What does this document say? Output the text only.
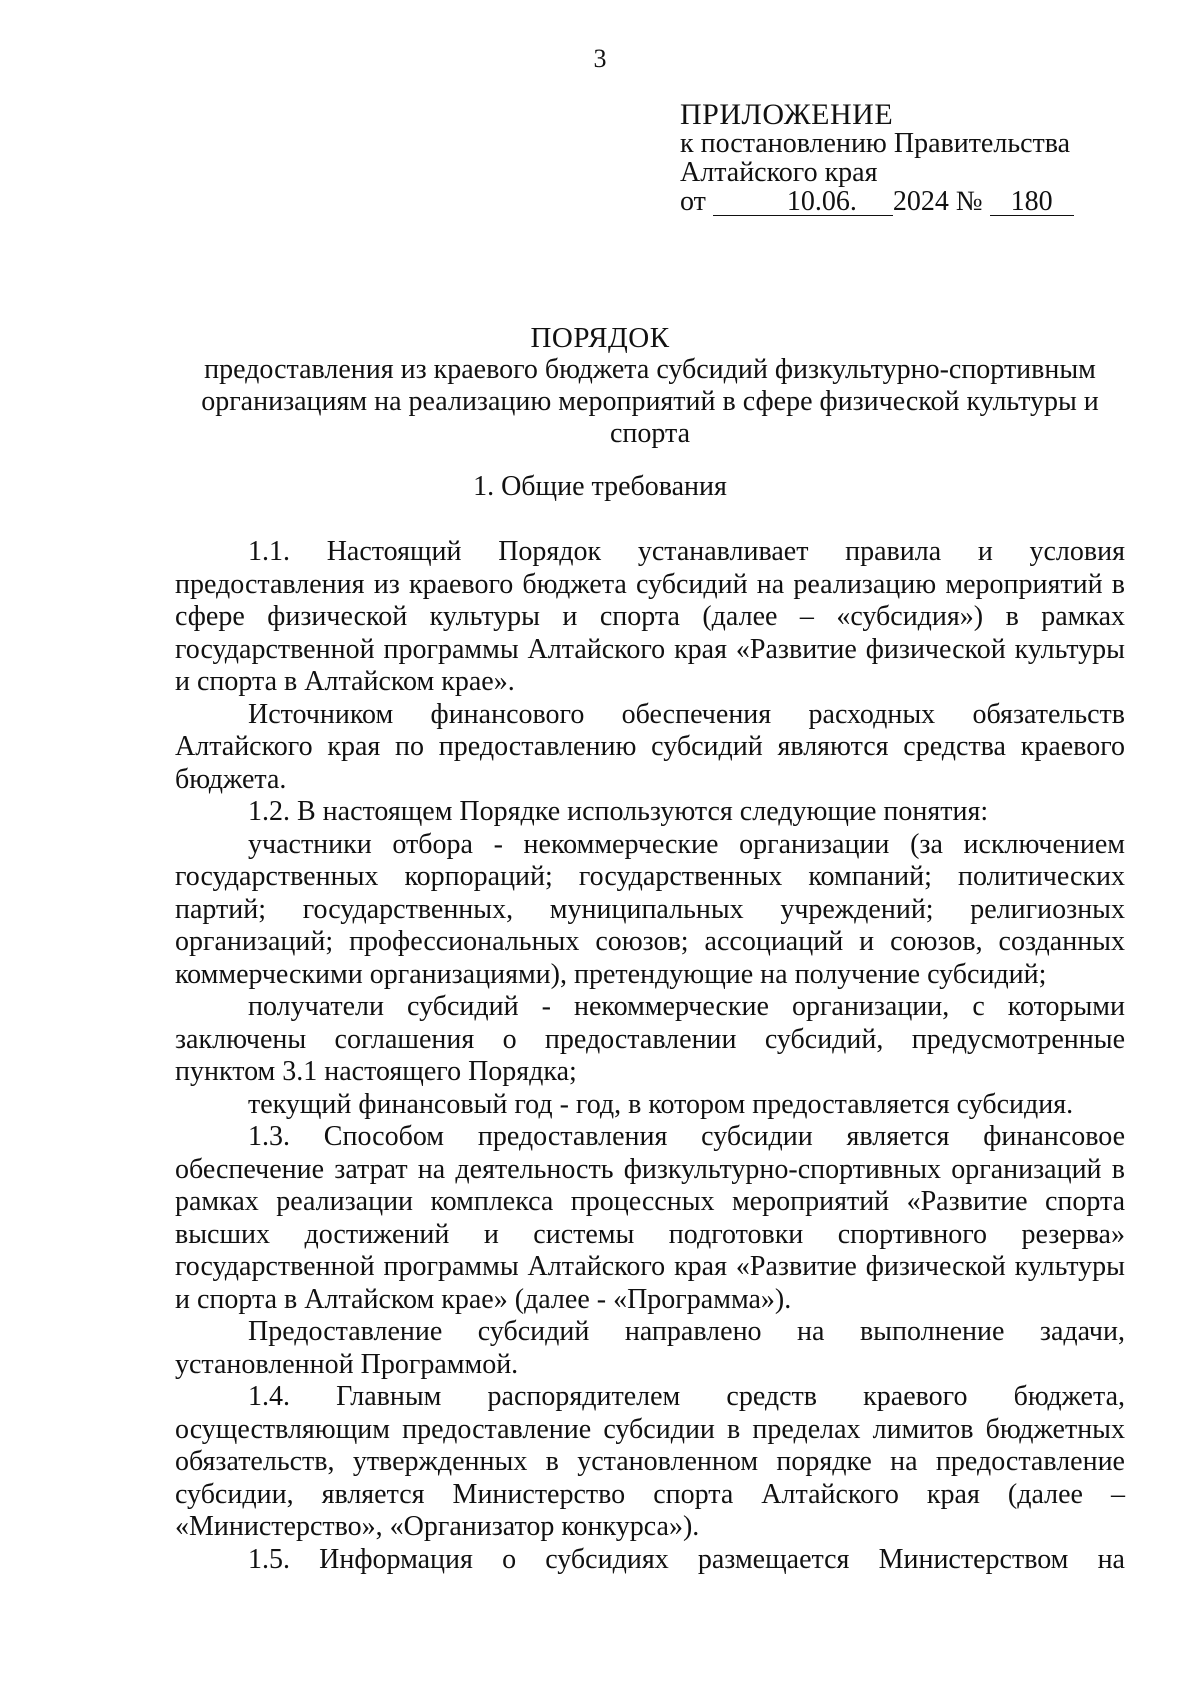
3
ПРИЛОЖЕНИЕ
к постановлению Правительства
Алтайского края
от	10.06. 2024 № 180
ПОРЯДОК
предоставления из краевого бюджета субсидий физкультурно-спортивным организациям на реализацию мероприятий в сфере физической культуры и спорта
1. Общие требования

1.1. Настоящий Порядок устанавливает правила и условия предоставления из краевого бюджета субсидий на реализацию мероприятий в сфере физической культуры и спорта (далее – «субсидия») в рамках государственной программы Алтайского края «Развитие физической культуры и спорта в Алтайском крае».

Источником финансового обеспечения расходных обязательств Алтайского края по предоставлению субсидий являются средства краевого бюджета.

1.2. В настоящем Порядке используются следующие понятия:

участники отбора - некоммерческие организации (за исключением государственных корпораций; государственных компаний; политических партий; государственных, муниципальных учреждений; религиозных организаций; профессиональных союзов; ассоциаций и союзов, созданных коммерческими организациями), претендующие на получение субсидий;

получатели субсидий - некоммерческие организации, с которыми заключены соглашения о предоставлении субсидий, предусмотренные пунктом 3.1 настоящего Порядка;

текущий финансовый год - год, в котором предоставляется субсидия.

1.3. Способом предоставления субсидии является финансовое обеспечение затрат на деятельность физкультурно-спортивных организаций в рамках реализации комплекса процессных мероприятий «Развитие спорта высших достижений и системы подготовки спортивного резерва» государственной программы Алтайского края «Развитие физической культуры и спорта в Алтайском крае» (далее - «Программа»).

Предоставление субсидий направлено на выполнение задачи, установленной Программой.

1.4. Главным распорядителем средств краевого бюджета, осуществляющим предоставление субсидии в пределах лимитов бюджетных обязательств, утвержденных в установленном порядке на предоставление субсидии, является Министерство спорта Алтайского края (далее – «Министерство», «Организатор конкурса»).

1.5. Информация о субсидиях размещается Министерством на
